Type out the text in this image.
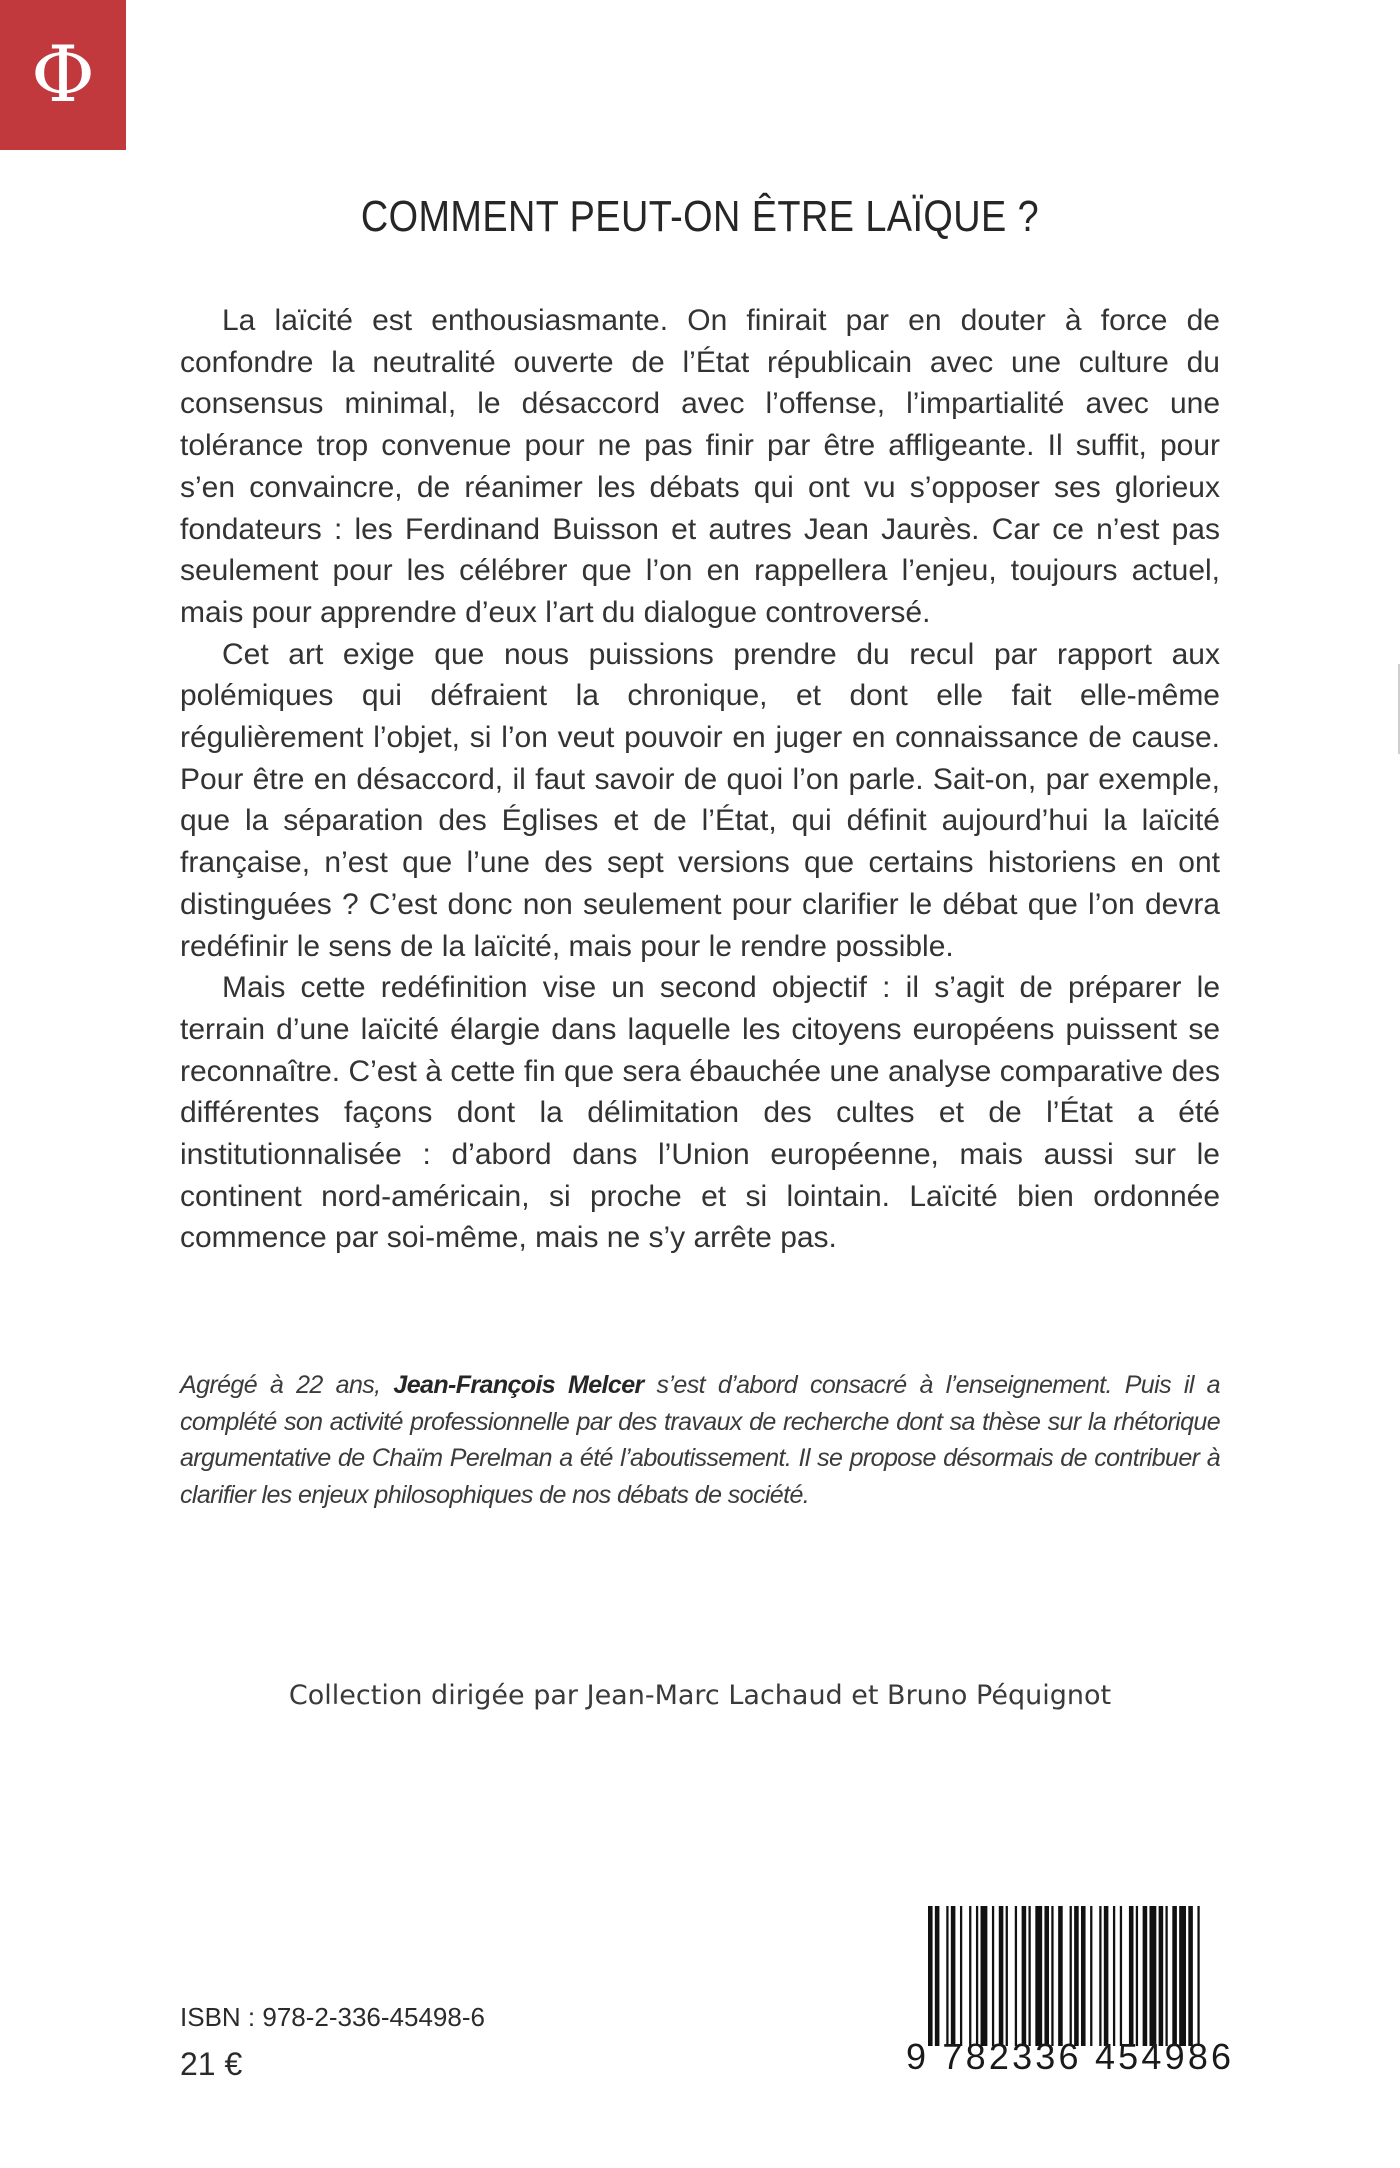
Φ
COMMENT PEUT-ON ÊTRE LAÏQUE ?

La laïcité est enthousiasmante. On finirait par en douter à force de confondre la neutralité ouverte de l’État républicain avec une culture du consensus minimal, le désaccord avec l’offense, l’impartialité avec une tolérance trop convenue pour ne pas finir par être affligeante. Il suffit, pour s’en convaincre, de réanimer les débats qui ont vu s’opposer ses glorieux fondateurs : les Ferdinand Buisson et autres Jean Jaurès. Car ce n’est pas seulement pour les célébrer que l’on en rappellera l’enjeu, toujours actuel, mais pour apprendre d’eux l’art du dialogue controversé.

Cet art exige que nous puissions prendre du recul par rapport aux polémiques qui défraient la chronique, et dont elle fait elle-même régulièrement l’objet, si l’on veut pouvoir en juger en connaissance de cause. Pour être en désaccord, il faut savoir de quoi l’on parle. Sait-on, par exemple, que la séparation des Églises et de l’État, qui définit aujourd’hui la laïcité française, n’est que l’une des sept versions que certains historiens en ont distinguées ? C’est donc non seulement pour clarifier le débat que l’on devra redéfinir le sens de la laïcité, mais pour le rendre possible.

Mais cette redéfinition vise un second objectif : il s’agit de préparer le terrain d’une laïcité élargie dans laquelle les citoyens européens puissent se reconnaître. C’est à cette fin que sera ébauchée une analyse comparative des différentes façons dont la délimitation des cultes et de l’État a été institutionnalisée : d’abord dans l’Union européenne, mais aussi sur le continent nord-américain, si proche et si lointain. Laïcité bien ordonnée commence par soi-même, mais ne s’y arrête pas.

Agrégé à 22 ans, Jean-François Melcer s’est d’abord consacré à l’enseignement. Puis il a complété son activité professionnelle par des travaux de recherche dont sa thèse sur la rhétorique argumentative de Chaïm Perelman a été l’aboutissement. Il se propose désormais de contribuer à clarifier les enjeux philosophiques de nos débats de société.
Collection dirigée par Jean-Marc Lachaud et Bruno Péquignot
ISBN : 978-2-336-45498-6
21 €	9 782336 454986
